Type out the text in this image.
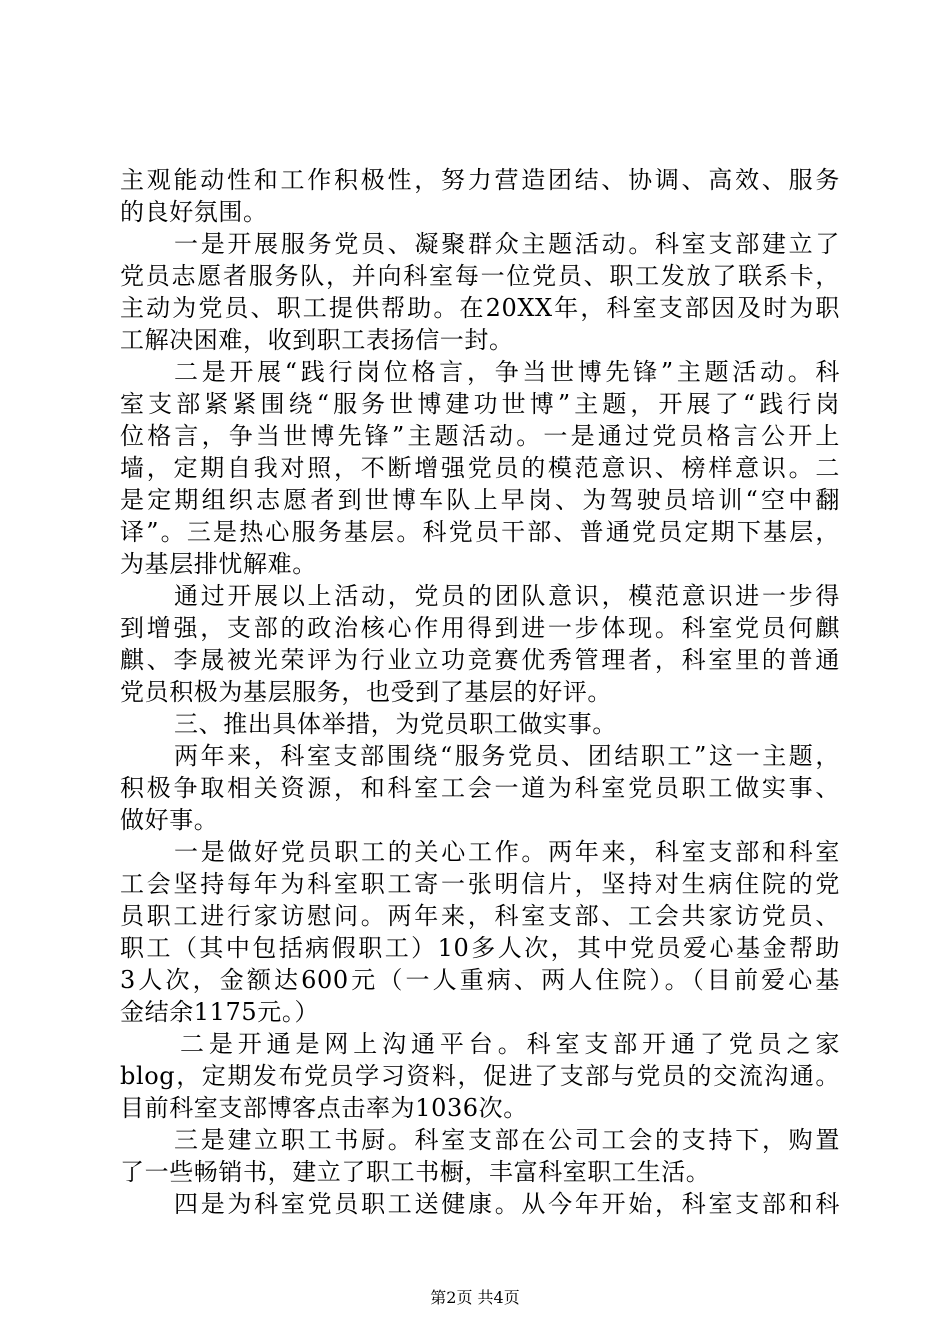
主观能动性和工作积极性，努力营造团结、协调、高效、服务
的良好氛围。
一是开展服务党员、凝聚群众主题活动。科室支部建立了
党员志愿者服务队，并向科室每一位党员、职工发放了联系卡，
主动为党员、职工提供帮助。在20XX年，科室支部因及时为职
工解决困难，收到职工表扬信一封。
二是开展“践行岗位格言，争当世博先锋”主题活动。科
室支部紧紧围绕“服务世博建功世博”主题，开展了“践行岗
位格言，争当世博先锋”主题活动。一是通过党员格言公开上
墙，定期自我对照，不断增强党员的模范意识、榜样意识。二
是定期组织志愿者到世博车队上早岗、为驾驶员培训“空中翻
译”。三是热心服务基层。科党员干部、普通党员定期下基层，
为基层排忧解难。
通过开展以上活动，党员的团队意识，模范意识进一步得
到增强，支部的政治核心作用得到进一步体现。科室党员何麒
麒、李晟被光荣评为行业立功竞赛优秀管理者，科室里的普通
党员积极为基层服务，也受到了基层的好评。
三、推出具体举措，为党员职工做实事。
两年来，科室支部围绕“服务党员、团结职工”这一主题，
积极争取相关资源，和科室工会一道为科室党员职工做实事、
做好事。
一是做好党员职工的关心工作。两年来，科室支部和科室
工会坚持每年为科室职工寄一张明信片，坚持对生病住院的党
员职工进行家访慰问。两年来，科室支部、工会共家访党员、
职工（其中包括病假职工）10多人次，其中党员爱心基金帮助
3人次，金额达600元（一人重病、两人住院）。（目前爱心基
金结余1175元。）
二是开通是网上沟通平台。科室支部开通了党员之家
blog，定期发布党员学习资料，促进了支部与党员的交流沟通。
目前科室支部博客点击率为1036次。
三是建立职工书厨。科室支部在公司工会的支持下，购置
了一些畅销书，建立了职工书橱，丰富科室职工生活。
四是为科室党员职工送健康。从今年开始，科室支部和科
第2页 共4页
